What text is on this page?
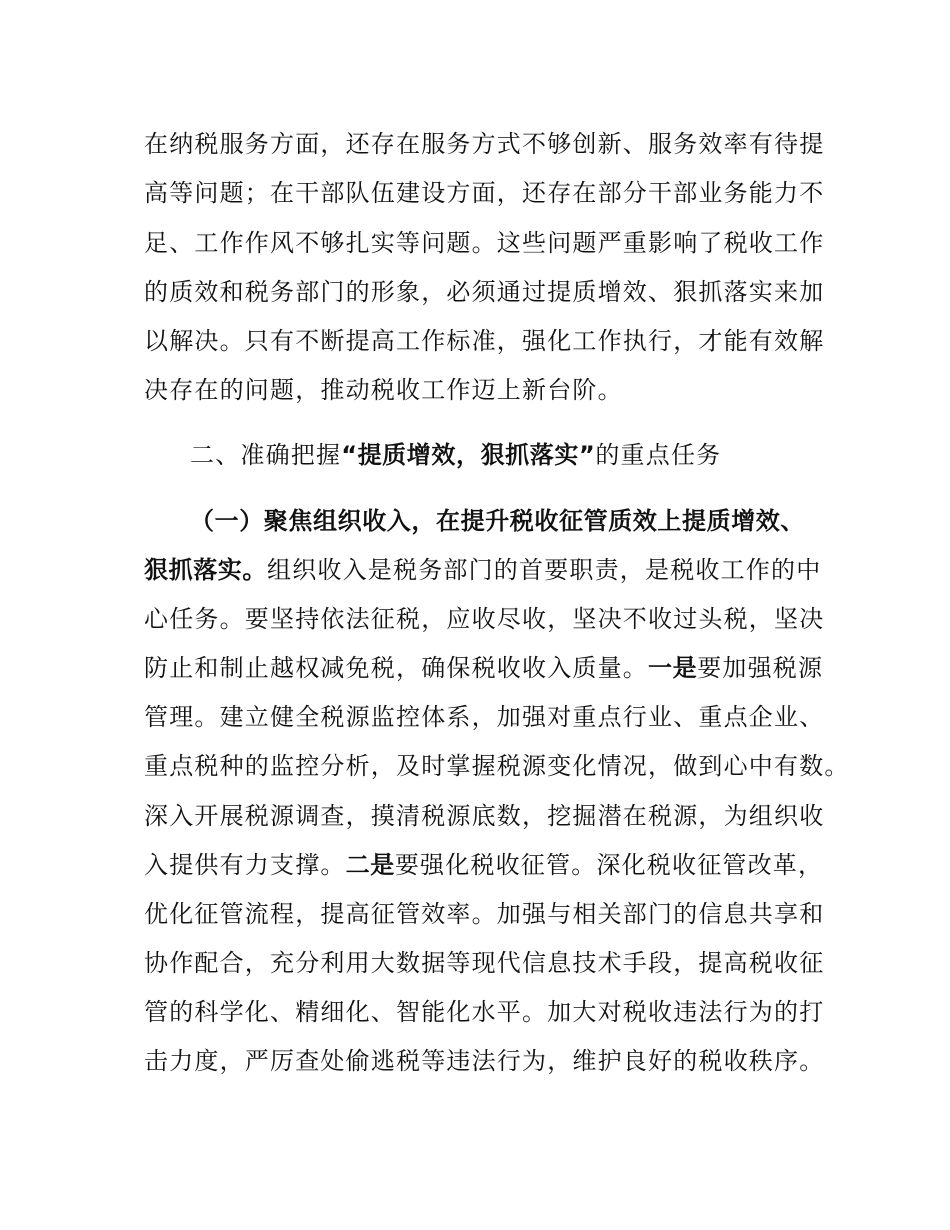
在纳税服务方面，还存在服务方式不够创新、服务效率有待提
高等问题；在干部队伍建设方面，还存在部分干部业务能力不
足、工作作风不够扎实等问题。这些问题严重影响了税收工作
的质效和税务部门的形象，必须通过提质增效、狠抓落实来加
以解决。只有不断提高工作标准，强化工作执行，才能有效解
决存在的问题，推动税收工作迈上新台阶。
二、准确把握“提质增效，狠抓落实”的重点任务
（一）聚焦组织收入，在提升税收征管质效上提质增效、
狠抓落实。组织收入是税务部门的首要职责，是税收工作的中
心任务。要坚持依法征税，应收尽收，坚决不收过头税，坚决
防止和制止越权减免税，确保税收收入质量。一是要加强税源
管理。建立健全税源监控体系，加强对重点行业、重点企业、
重点税种的监控分析，及时掌握税源变化情况，做到心中有数。
深入开展税源调查，摸清税源底数，挖掘潜在税源，为组织收
入提供有力支撑。二是要强化税收征管。深化税收征管改革，
优化征管流程，提高征管效率。加强与相关部门的信息共享和
协作配合，充分利用大数据等现代信息技术手段，提高税收征
管的科学化、精细化、智能化水平。加大对税收违法行为的打
击力度，严厉查处偷逃税等违法行为，维护良好的税收秩序。
